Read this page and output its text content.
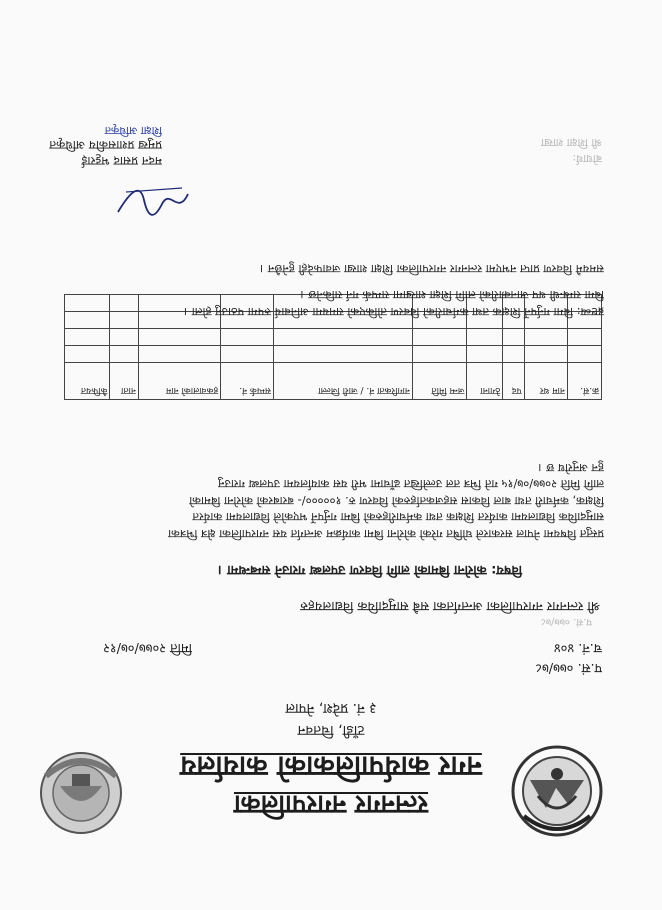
रत्ननगर नगरपालिका
नगर कार्यपालिकाको कार्यालय
टाँडी, चितवन
३ नं. प्रदेश, नेपाल
प.सं. ०७७/७८
च.नं. ४०४
मिति २०७७/०७/१२
श्री रत्ननगर नगरपालिका अन्तर्गतका सबै सामुदायिक विद्यालयहरु
विषय: कोरोना बिमाको लागि विवरण उपलब्ध गराउने सम्बन्धमा ।
प्रस्तुत विषयमा नेपाल सरकारले घोषित गरेको कोरोना बिमा कार्यक्रम अन्तर्गत यस नगरपालिका क्षेत्र भित्रका
सामुदायिक विद्यालयमा कार्यरत शिक्षक तथा कर्मचारीहरुको बिमा गर्नुपर्ने भएकोले विद्यालयमा कार्यरत
शिक्षक, कर्मचारी तथा बाल विकास सहजकर्ताहरुको विवरण रु. १०००००/- बराबरको कोरोना बिमाको
लागि मिति २०७७/०७/१५ गते भित्र तल उल्लेखित ढाँचामा भरी यस कार्यालयमा उपलब्ध गराउनु
हुन अनुरोध छ ।
प.सं. ०७७/७८
क्र.सं.	नाम थर	पद	ठेगाना	जन्म मिति	नागरिकता नं. / जारी जिल्ला	सम्पर्क नं.	हकवालाको नाम	नाता	कैफियत

द्रष्टव्य: बिमा गर्नुपर्ने शिक्षक तथा कर्मचारीको विवरण तोकिएको समयमा अनिवार्य रुपमा पठाउनु होला ।
बिमा सम्बन्धी थप जानकारीको लागि शिक्षा शाखामा सम्पर्क गर्न सकिनेछ ।
समयमै विवरण प्राप्त नभएमा रत्ननगर नगरपालिका शिक्षा शाखा जवाफदेही हुनेछैन ।
मदन प्रसाद भट्टराई
प्रमुख प्रशासकीय अधिकृत
शिक्षा अधिकृत
बोधार्थ:
श्री शिक्षा शाखा
